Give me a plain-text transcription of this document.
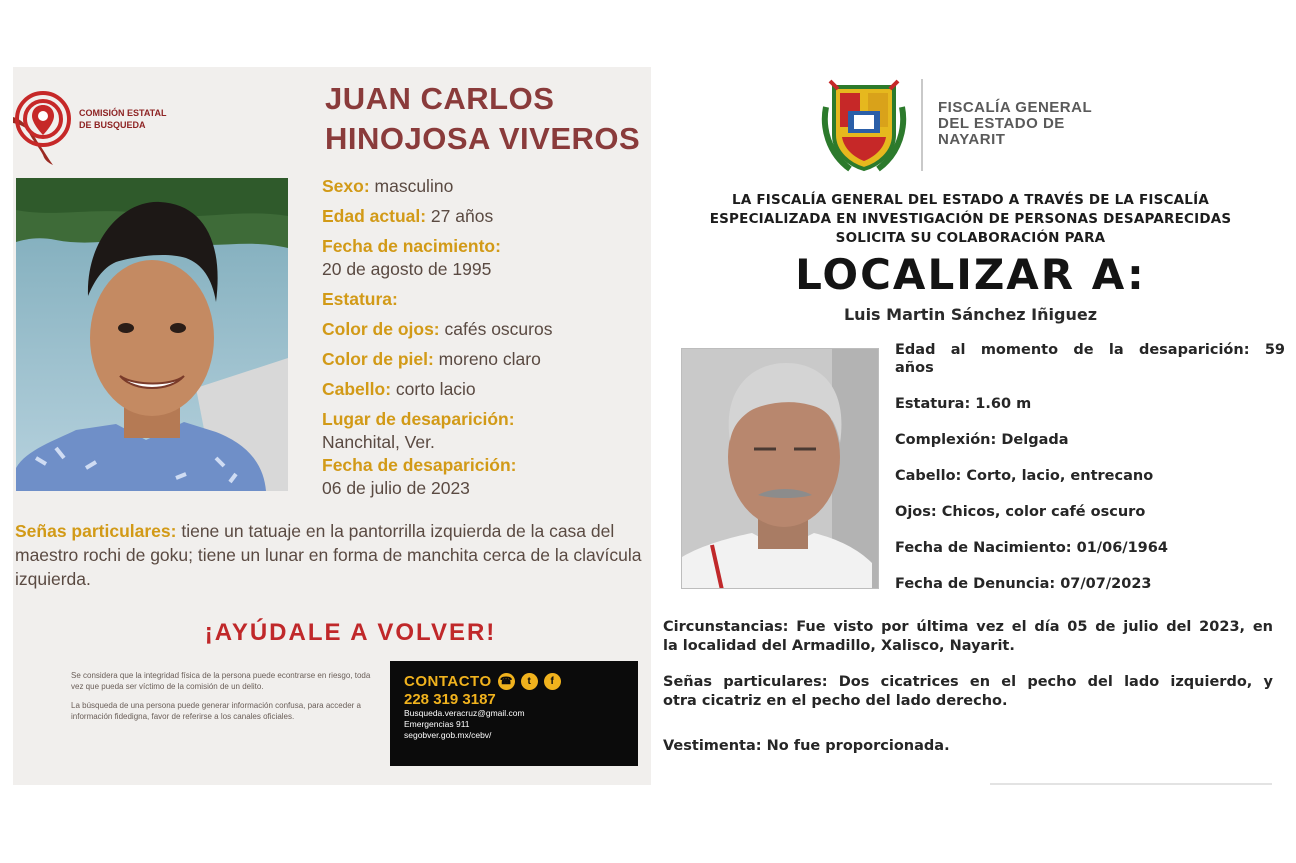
COMISIÓN ESTATAL
DE BUSQUEDA
JUAN CARLOS
HINOJOSA VIVEROS
Sexo: masculino
Edad actual: 27 años
Fecha de nacimiento:
20 de agosto de 1995
Estatura:
Color de ojos: cafés oscuros
Color de piel: moreno claro
Cabello: corto lacio
Lugar de desaparición:
Nanchital, Ver.
Fecha de desaparición:
06 de julio de 2023
Señas particulares: tiene un tatuaje en la pantorrilla izquierda de la casa del maestro rochi de goku; tiene un lunar en forma de manchita cerca de la clavícula izquierda.
¡AYÚDALE A VOLVER!

Se considera que la integridad física de la persona puede econtrarse en riesgo, toda vez que pueda ser víctimo de la comisión de un delito.

La búsqueda de una persona puede generar información confusa, para acceder a información fidedigna, favor de referirse a los canales oficiales.

CONTACTO ☎	t	f
228 319 3187
Busqueda.veracruz@gmail.com
Emergencias 911
segobver.gob.mx/cebv/
FISCALÍA GENERAL
DEL ESTADO DE
NAYARIT
LA FISCALÍA GENERAL DEL ESTADO A TRAVÉS DE LA FISCALÍA
ESPECIALIZADA EN INVESTIGACIÓN DE PERSONAS DESAPARECIDAS
SOLICITA SU COLABORACIÓN PARA
LOCALIZAR A:
Luis Martin Sánchez Iñiguez
Edad al momento de la desaparición: 59
años
Estatura: 1.60 m
Complexión: Delgada
Cabello: Corto, lacio, entrecano
Ojos: Chicos, color café oscuro
Fecha de Nacimiento: 01/06/1964
Fecha de Denuncia: 07/07/2023
Circunstancias: Fue visto por última vez el día 05 de julio del 2023, en
la localidad del Armadillo, Xalisco, Nayarit.
Señas particulares: Dos cicatrices en el pecho del lado izquierdo, y
otra cicatriz en el pecho del lado derecho.
Vestimenta: No fue proporcionada.
